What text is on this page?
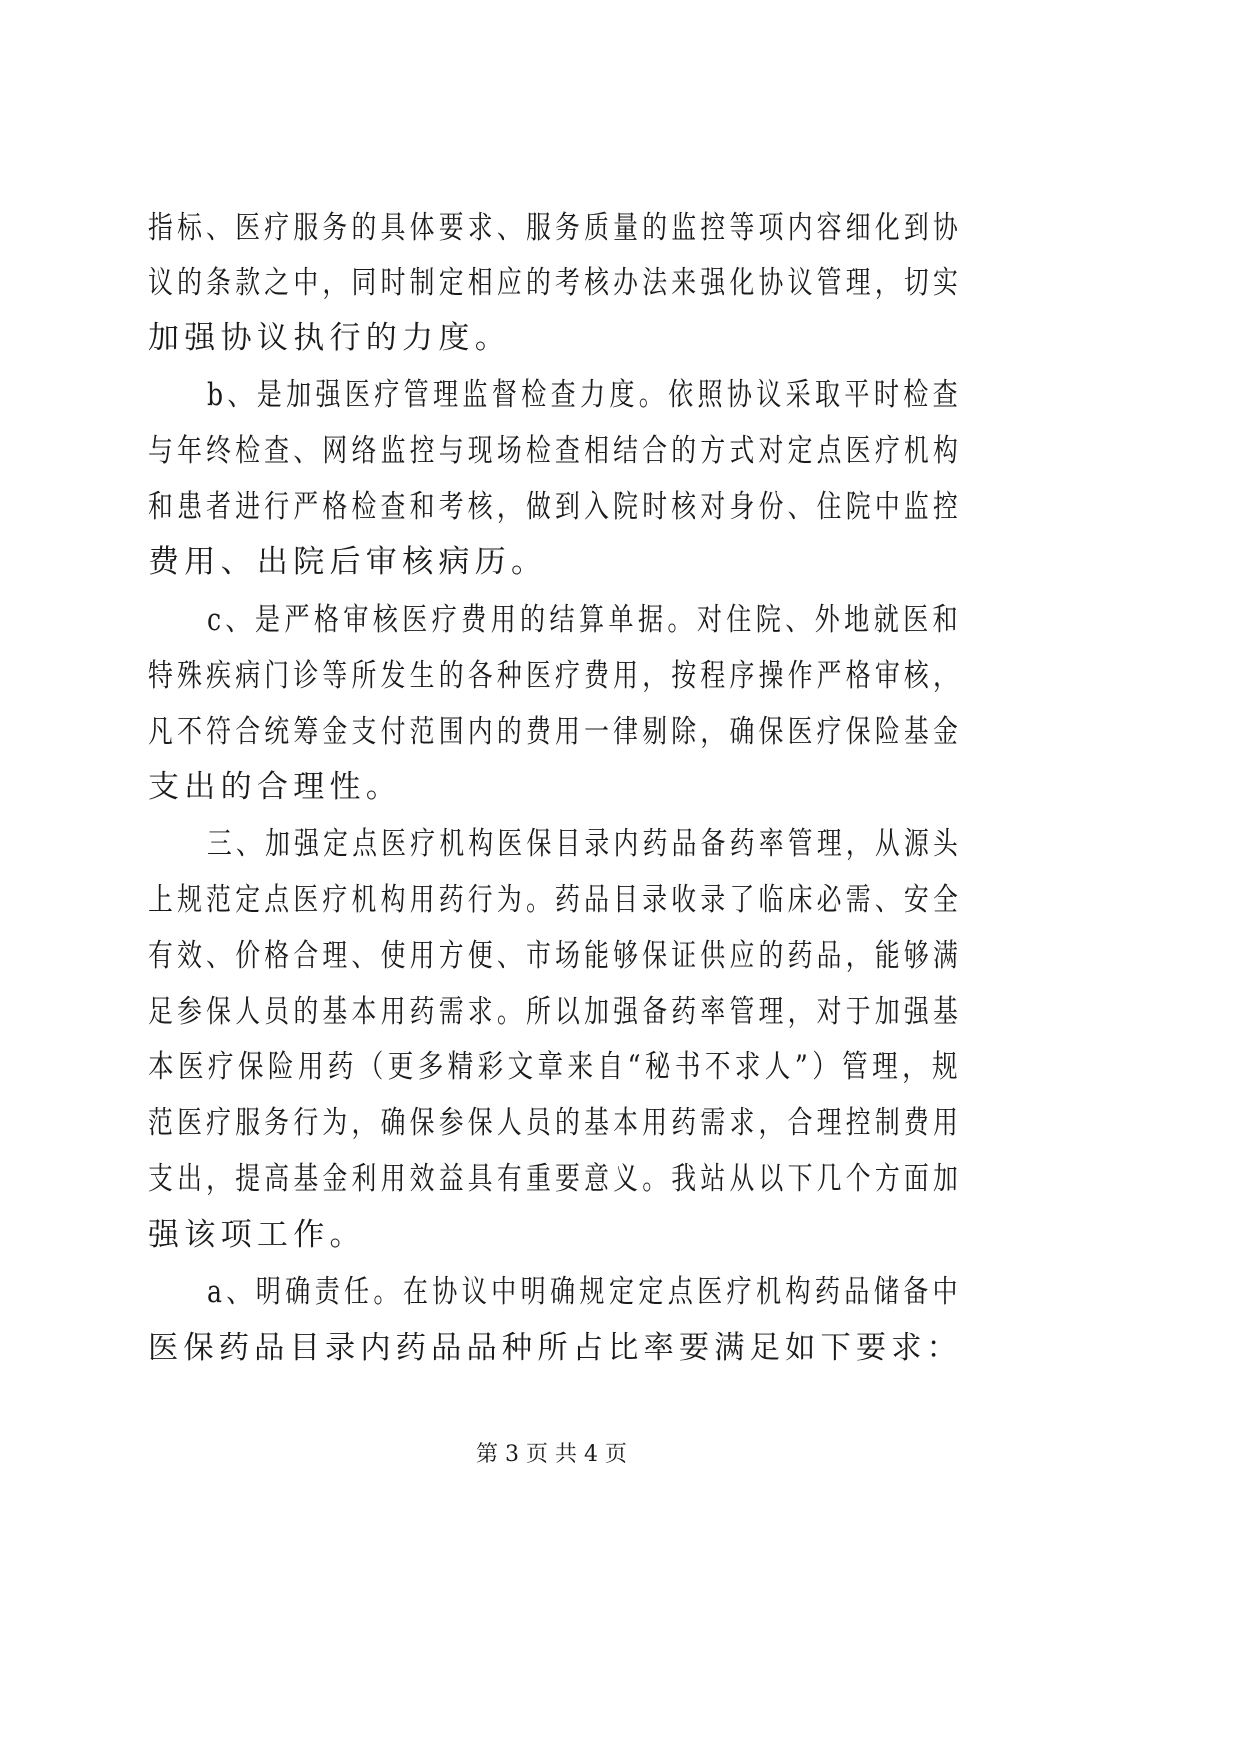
指标、医疗服务的具体要求、服务质量的监控等项内容细化到协
议的条款之中，同时制定相应的考核办法来强化协议管理，切实
加强协议执行的力度。
b、是加强医疗管理监督检查力度。依照协议采取平时检查
与年终检查、网络监控与现场检查相结合的方式对定点医疗机构
和患者进行严格检查和考核，做到入院时核对身份、住院中监控
费用、出院后审核病历。
c、是严格审核医疗费用的结算单据。对住院、外地就医和
特殊疾病门诊等所发生的各种医疗费用，按程序操作严格审核，
凡不符合统筹金支付范围内的费用一律剔除，确保医疗保险基金
支出的合理性。
三、加强定点医疗机构医保目录内药品备药率管理，从源头
上规范定点医疗机构用药行为。药品目录收录了临床必需、安全
有效、价格合理、使用方便、市场能够保证供应的药品，能够满
足参保人员的基本用药需求。所以加强备药率管理，对于加强基
本医疗保险用药（更多精彩文章来自“秘书不求人”）管理，规
范医疗服务行为，确保参保人员的基本用药需求，合理控制费用
支出，提高基金利用效益具有重要意义。我站从以下几个方面加
强该项工作。
a、明确责任。在协议中明确规定定点医疗机构药品储备中
医保药品目录内药品品种所占比率要满足如下要求：
第 3 页 共 4 页
